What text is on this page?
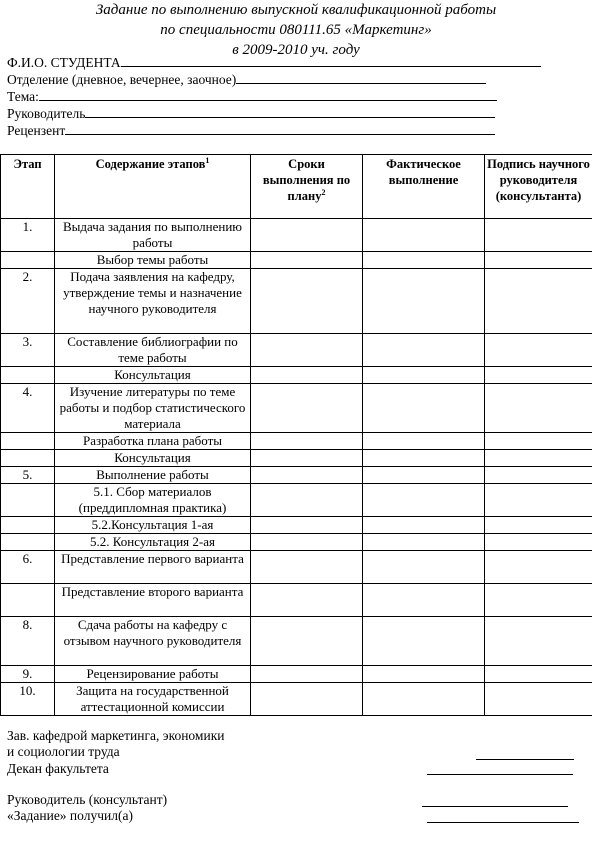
Задание по выполнению выпускной квалификационной работы
по специальности 080111.65 «Маркетинг»
в 2009-2010 уч. году
Ф.И.О. СТУДЕНТА
Отделение (дневное, вечернее, заочное)
Тема:
Руководитель
Рецензент
Этап	Содержание этапов$^1$	Сроки выполнения по плану$^2$	Фактическое выполнение	Подпись научного руководителя (консультанта)
1.	Выдача задания по выполнению работы			
	Выбор темы работы			
2.	Подача заявления на кафедру, утверждение темы и назначение научного руководителя			
3.	Составление библиографии по теме работы			
	Консультация			
4.	Изучение литературы по теме работы и подбор статистического материала			
	Разработка плана работы			
	Консультация			
5.	Выполнение работы			
	5.1. Сбор материалов (преддипломная практика)			
	5.2.Консультация 1-ая			
	5.2. Консультация 2-ая			
6.	Представление первого варианта			
	Представление второго варианта			
8.	Сдача работы на кафедру с отзывом научного руководителя			
9.	Рецензирование работы			
10.	Защита на государственной аттестационной комиссии			
Зав. кафедрой маркетинга, экономики
и социологии труда
Декан факультета
Руководитель (консультант)
«Задание» получил(а)
